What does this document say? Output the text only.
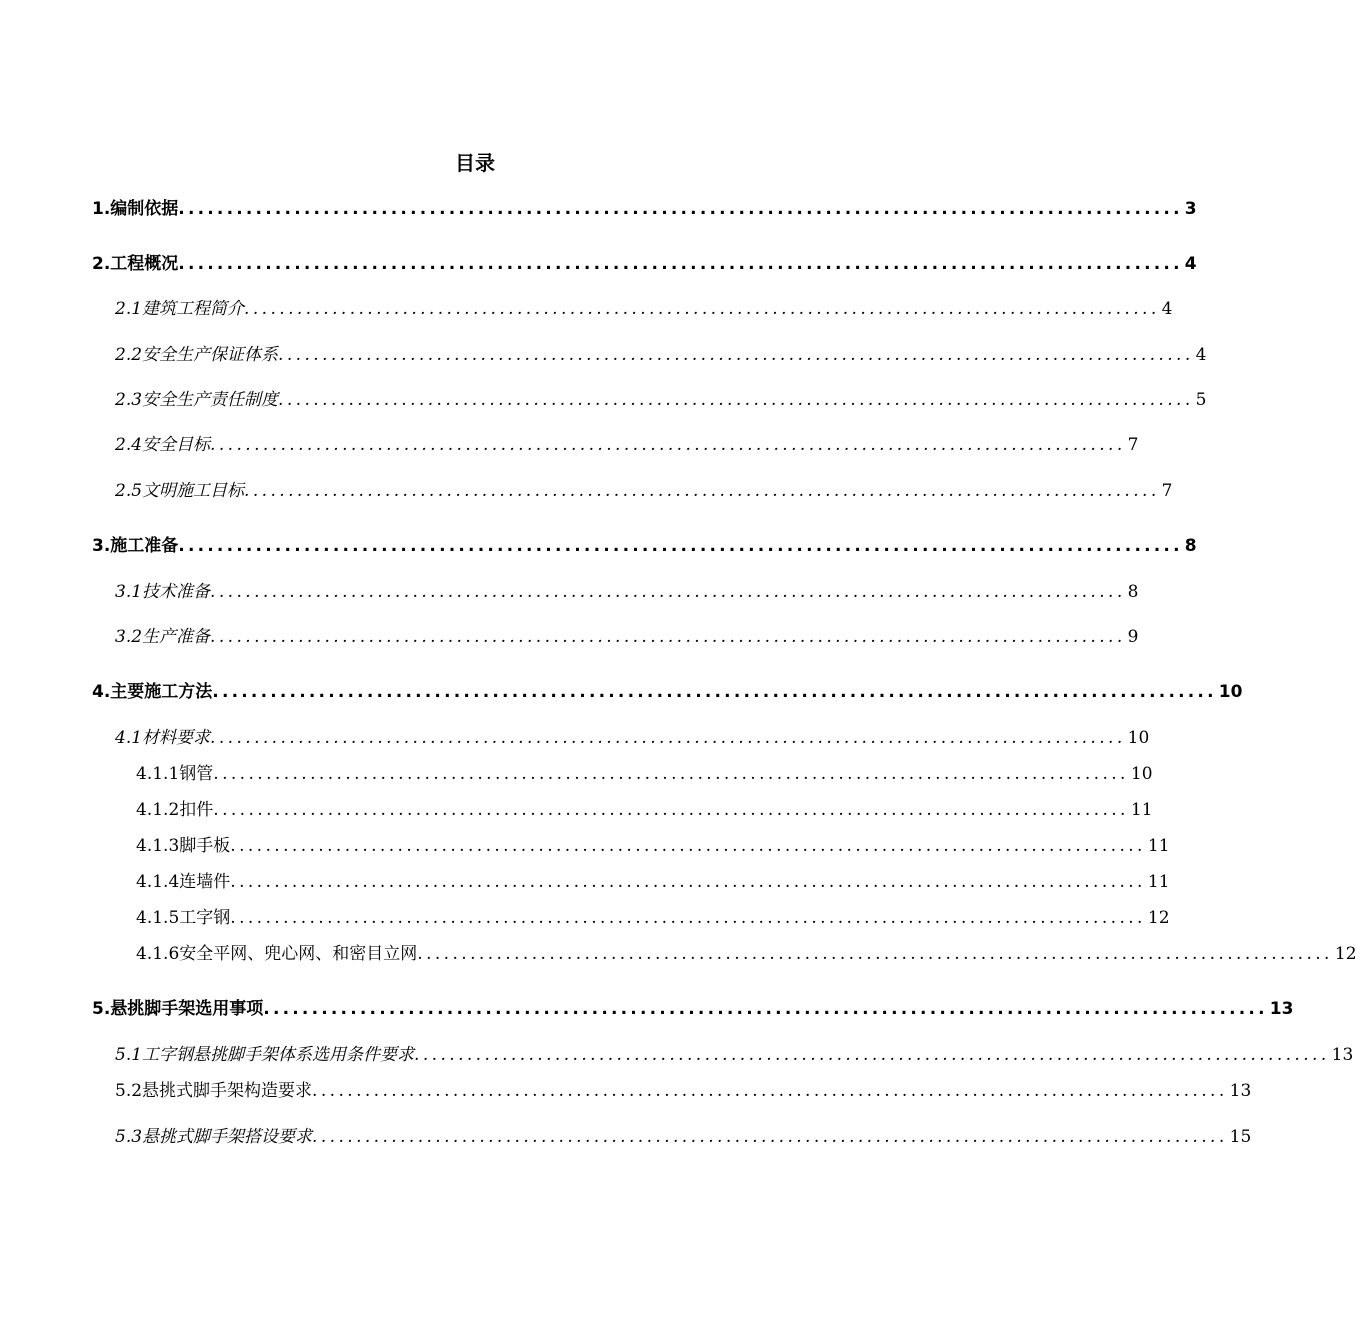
目录
1.编制依据 ........................................................................................................ 3
2.工程概况 ........................................................................................................ 4
2.1建筑工程简介 ........................................................................................................ 4
2.2安全生产保证体系 ........................................................................................................ 4
2.3安全生产责任制度 ........................................................................................................ 5
2.4安全目标 ........................................................................................................ 7
2.5文明施工目标 ........................................................................................................ 7
3.施工准备 ........................................................................................................ 8
3.1技术准备 ........................................................................................................ 8
3.2生产准备 ........................................................................................................ 9
4.主要施工方法 ........................................................................................................ 10
4.1材料要求 ........................................................................................................ 10
4.1.1钢管 ........................................................................................................ 10
4.1.2扣件 ........................................................................................................ 11
4.1.3脚手板 ........................................................................................................ 11
4.1.4连墙件 ........................................................................................................ 11
4.1.5工字钢 ........................................................................................................ 12
4.1.6安全平网、兜心网、和密目立网 ........................................................................................................ 12
5.悬挑脚手架选用事项 ........................................................................................................ 13
5.1工字钢悬挑脚手架体系选用条件要求 ........................................................................................................ 13
5.2悬挑式脚手架构造要求 ........................................................................................................ 13
5.3悬挑式脚手架搭设要求 ........................................................................................................ 15
